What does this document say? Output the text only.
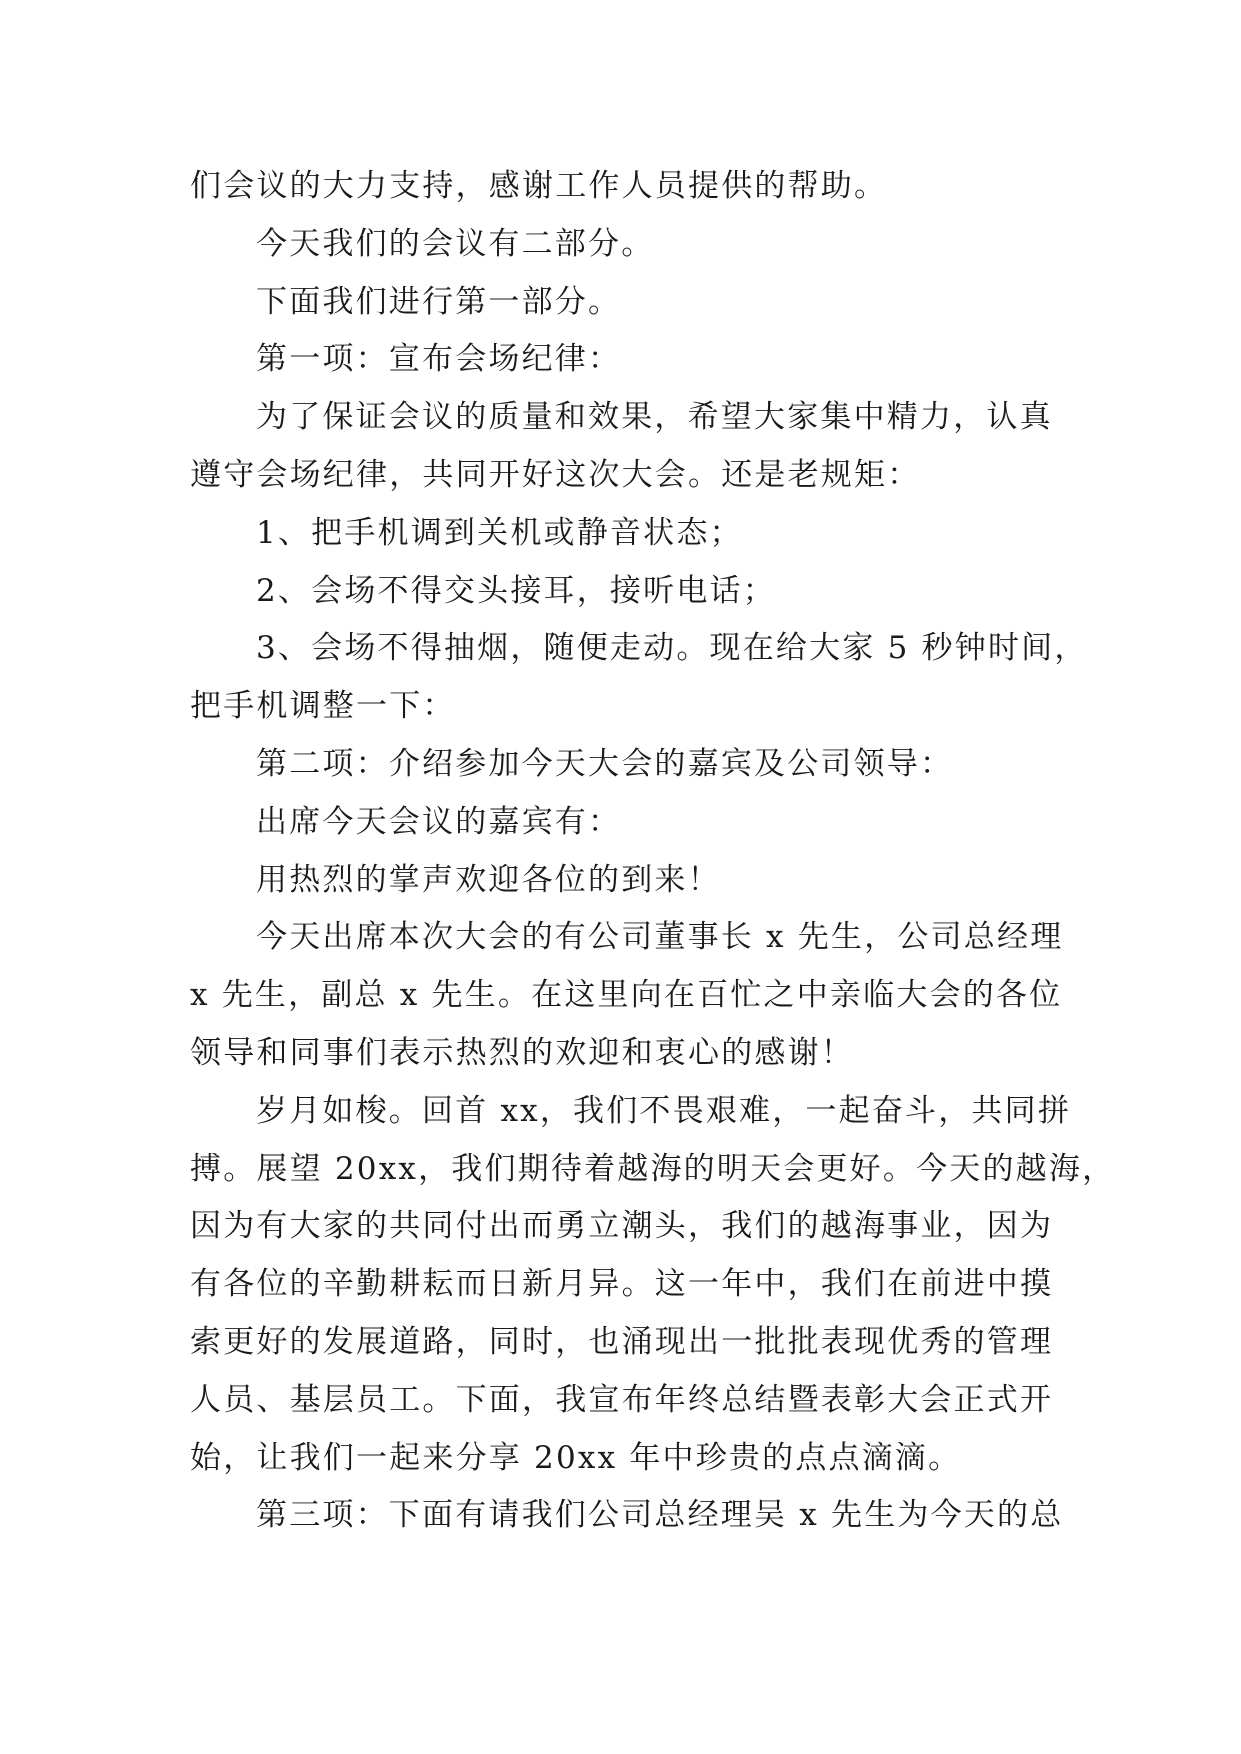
们会议的大力支持，感谢工作人员提供的帮助。

今天我们的会议有二部分。

下面我们进行第一部分。

第一项：宣布会场纪律：

为了保证会议的质量和效果，希望大家集中精力，认真
遵守会场纪律，共同开好这次大会。还是老规矩：

1、把手机调到关机或静音状态；

2、会场不得交头接耳，接听电话；

3、会场不得抽烟，随便走动。现在给大家 5 秒钟时间，
把手机调整一下：

第二项：介绍参加今天大会的嘉宾及公司领导：

出席今天会议的嘉宾有：

用热烈的掌声欢迎各位的到来！

今天出席本次大会的有公司董事长 x 先生，公司总经理
x 先生，副总 x 先生。在这里向在百忙之中亲临大会的各位
领导和同事们表示热烈的欢迎和衷心的感谢！

岁月如梭。回首 xx，我们不畏艰难，一起奋斗，共同拼
搏。展望 20xx，我们期待着越海的明天会更好。今天的越海，
因为有大家的共同付出而勇立潮头，我们的越海事业，因为
有各位的辛勤耕耘而日新月异。这一年中，我们在前进中摸
索更好的发展道路，同时，也涌现出一批批表现优秀的管理
人员、基层员工。下面，我宣布年终总结暨表彰大会正式开
始，让我们一起来分享 20xx 年中珍贵的点点滴滴。

第三项：下面有请我们公司总经理吴 x 先生为今天的总
